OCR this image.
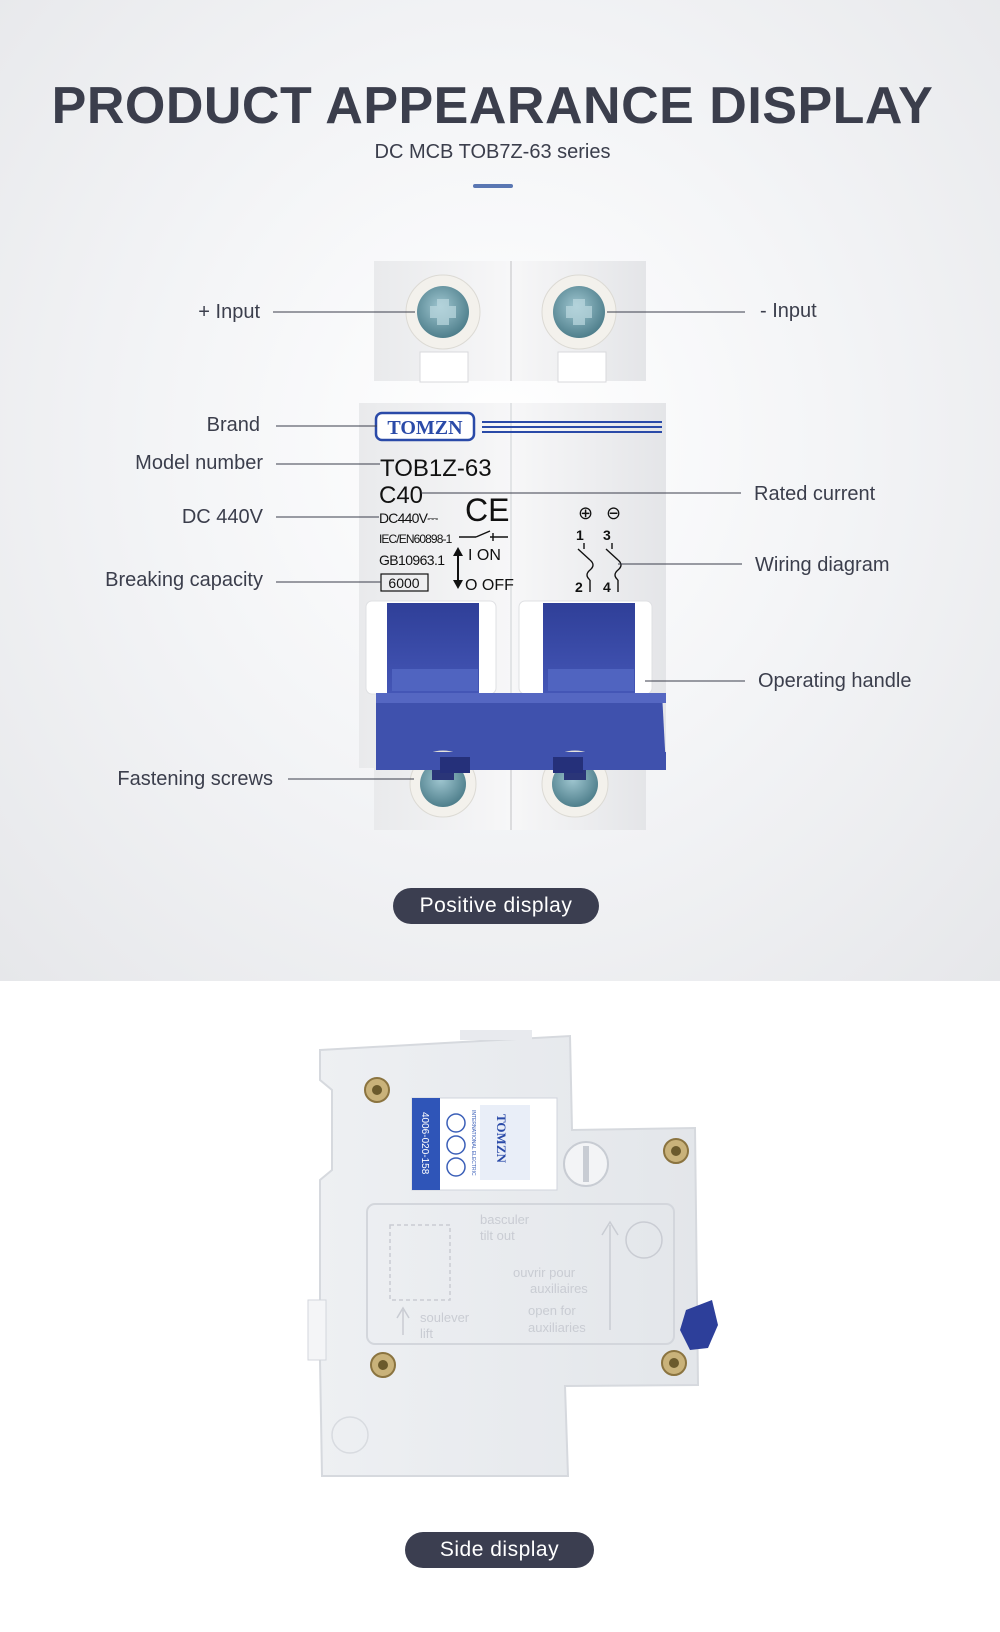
PRODUCT APPEARANCE DISPLAY
DC MCB TOB7Z-63 series
TOMZN
TOB1Z-63
C40
DC440V⎓ CE
IEC/EN60898-1
GB10963.1 I ON
O OFF
6000
⊕ ⊖
1 3
2 4
+ Input	- Input
Brand
Model number
DC 440V
Breaking capacity
Rated current
Wiring diagram
Operating handle
Fastening screws
Positive display
4006-020-158	INTERNATIONAL ELECTRIC TOMZN
basculer
tilt out
ouvrir pour
auxiliaires
open for
auxiliaries
soulever
lift
Side display
